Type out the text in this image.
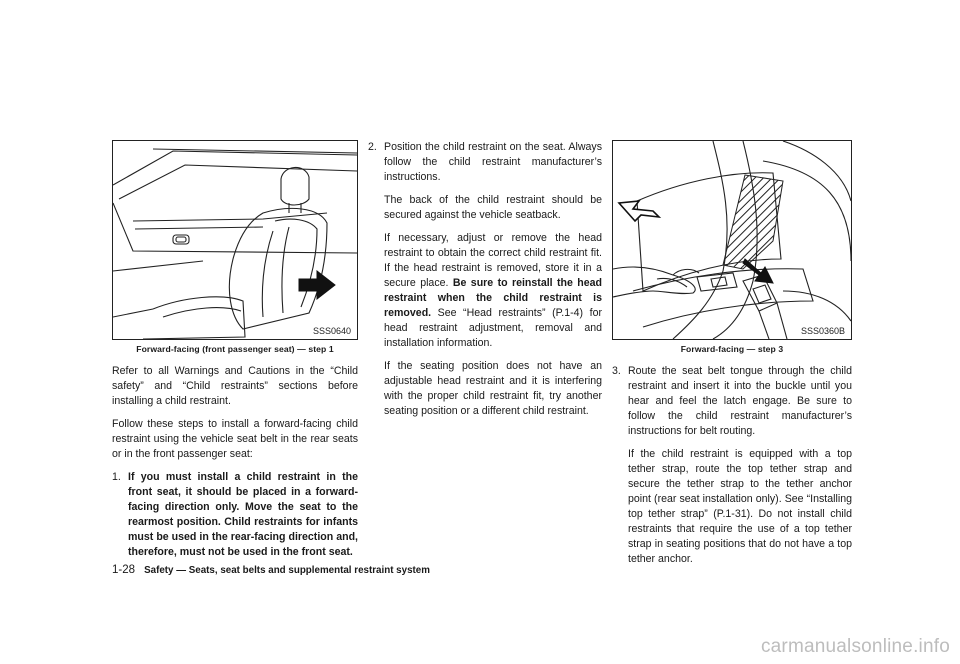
SSS0640
Forward-facing (front passenger seat) — step 1

Refer to all Warnings and Cautions in the “Child safety” and “Child restraints” sections before installing a child restraint.

Follow these steps to install a forward-facing child restraint using the vehicle seat belt in the rear seats or in the front passenger seat:

1. If you must install a child restraint in the front seat, it should be placed in a forward-facing direction only. Move the seat to the rearmost position. Child restraints for infants must be used in the rear-facing direction and, therefore, must not be used in the front seat.
2. Position the child restraint on the seat. Always follow the child restraint manufacturer’s instructions.

The back of the child restraint should be secured against the vehicle seatback.

If necessary, adjust or remove the head restraint to obtain the correct child restraint fit. If the head restraint is removed, store it in a secure place. Be sure to reinstall the head restraint when the child restraint is removed. See “Head restraints” (P.1-4) for head restraint adjustment, removal and installation information.

If the seating position does not have an adjustable head restraint and it is interfering with the proper child restraint fit, try another seating position or a different child restraint.

SSS0360B
Forward-facing — step 3
3. Route the seat belt tongue through the child restraint and insert it into the buckle until you hear and feel the latch engage. Be sure to follow the child restraint manufacturer’s instructions for belt routing.

If the child restraint is equipped with a top tether strap, route the top tether strap and secure the tether strap to the tether anchor point (rear seat installation only). See “Installing top tether strap” (P.1-31). Do not install child restraints that require the use of a top tether strap in seating positions that do not have a top tether anchor.

1-28 Safety — Seats, seat belts and supplemental restraint system
carmanualsonline.info
